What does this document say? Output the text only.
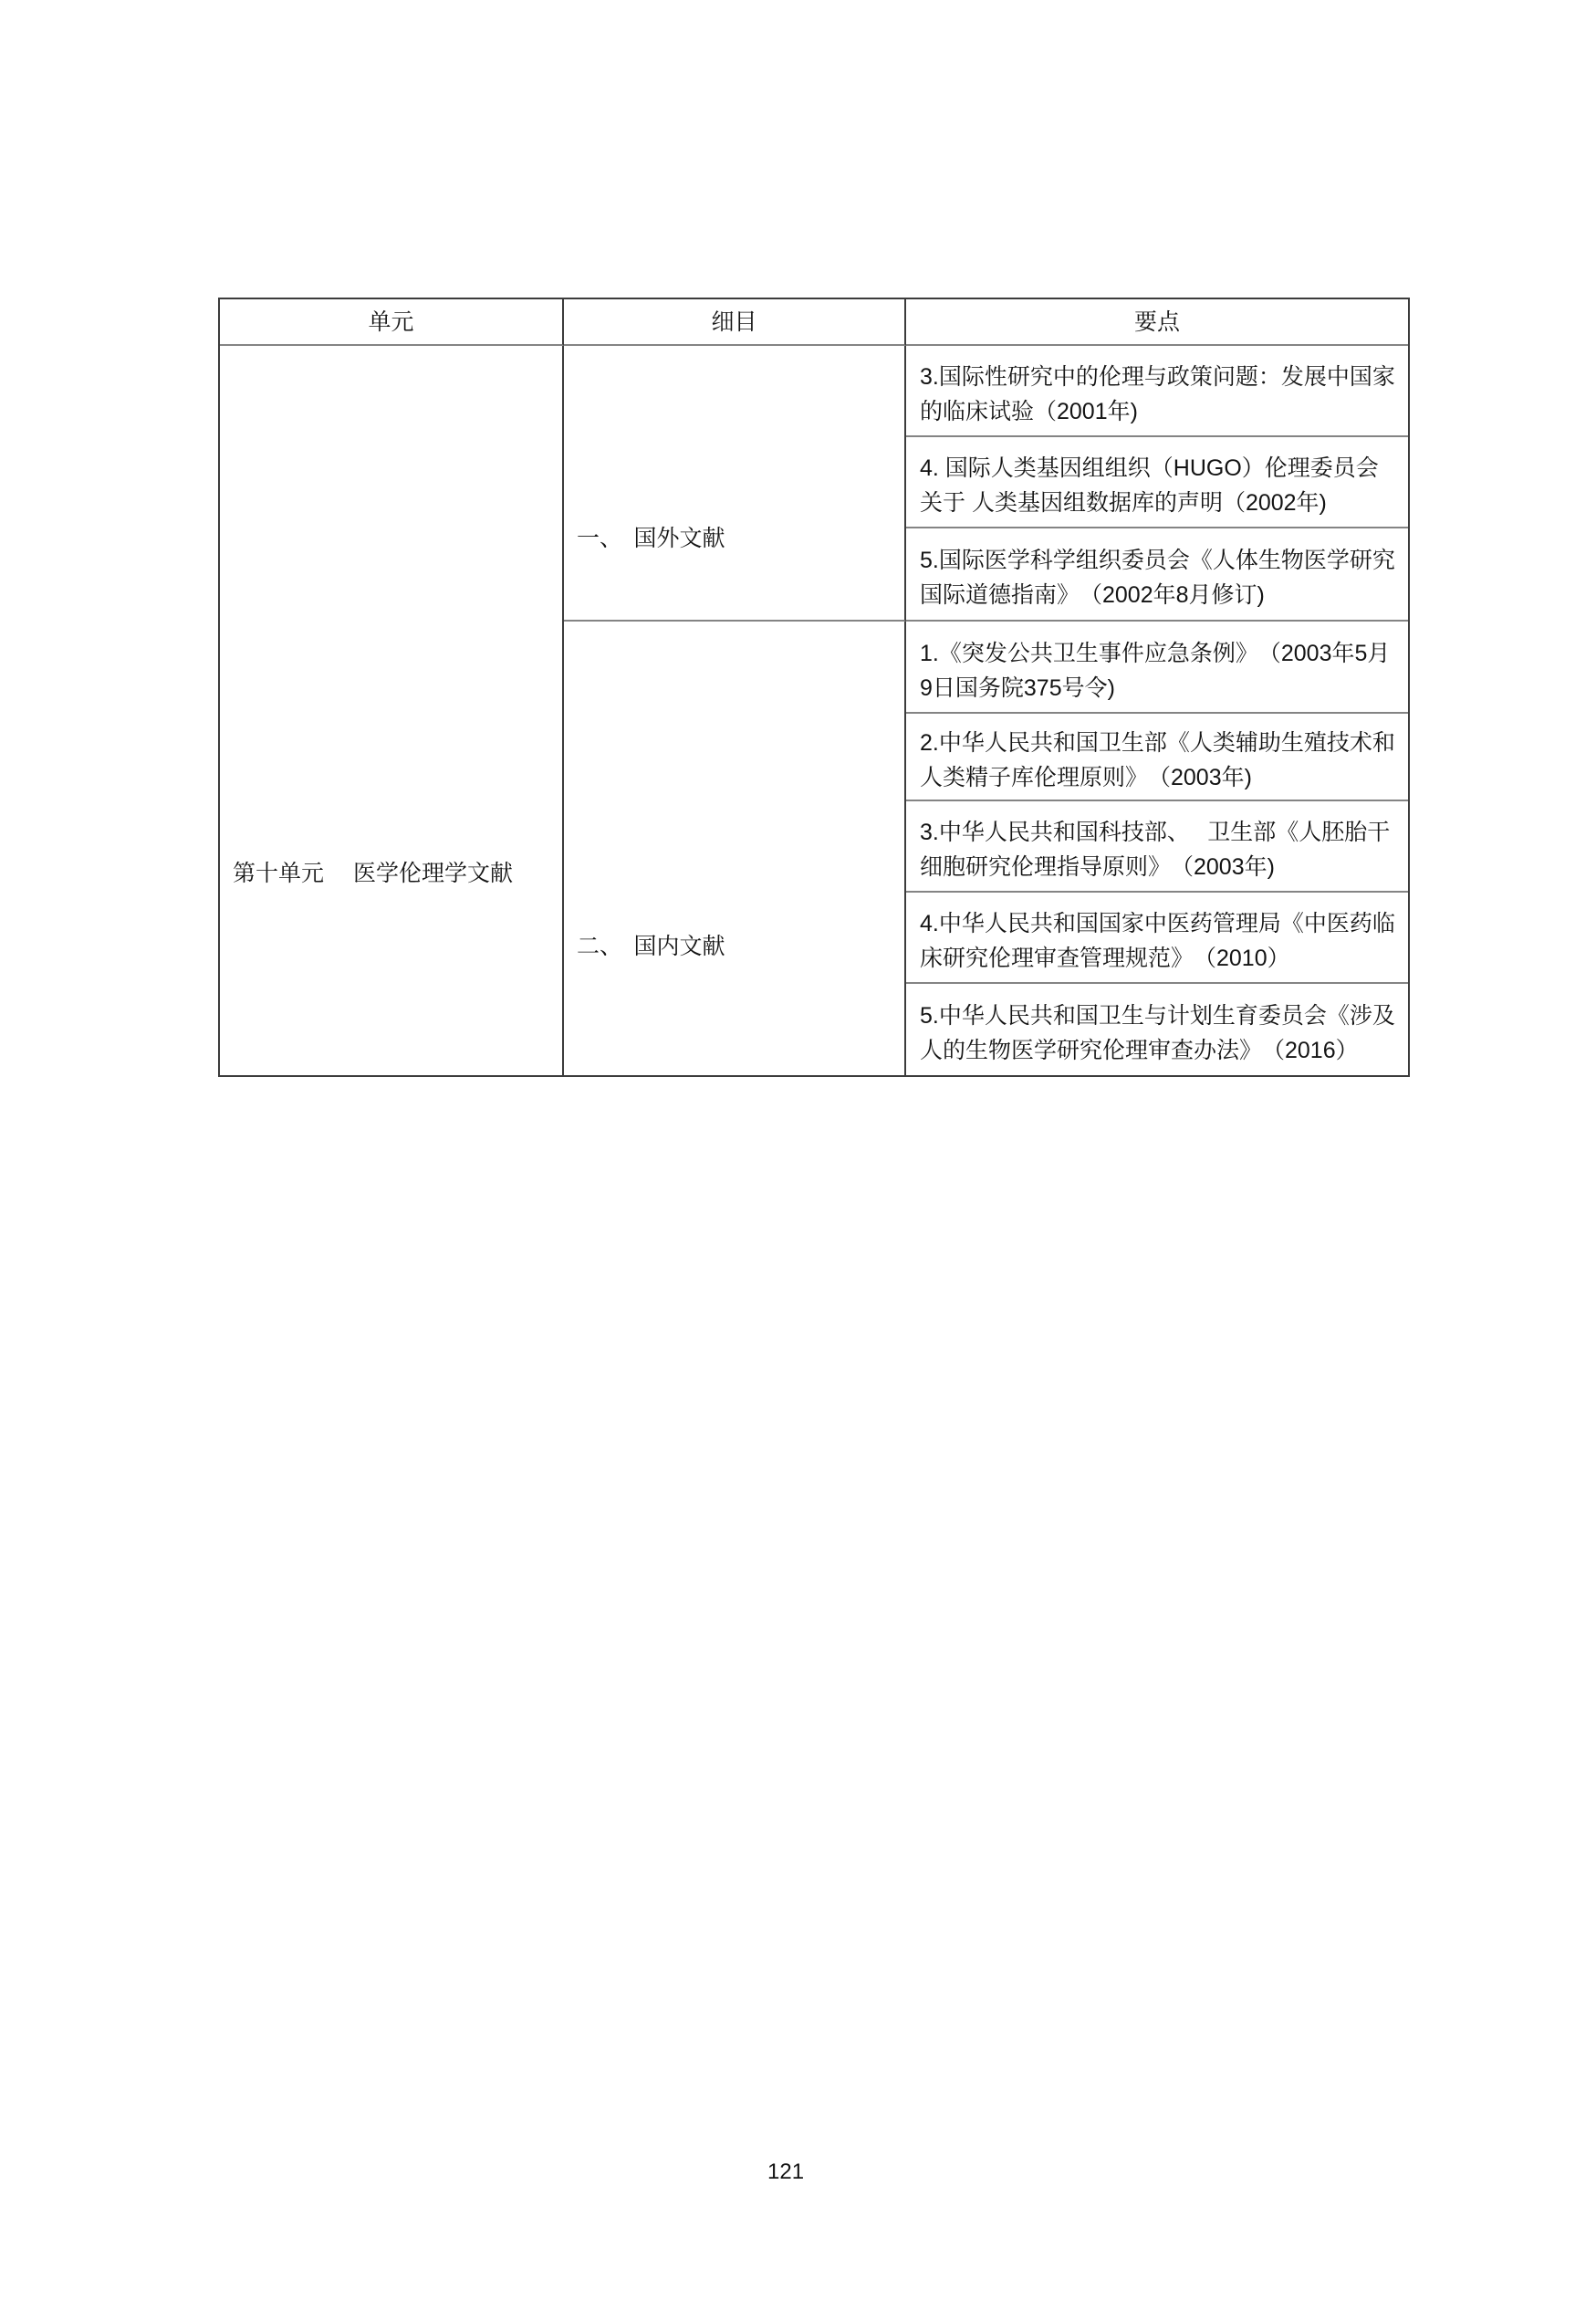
单元	细目	要点
第十单元　 医学伦理学文献
一、　国外文献
二、　国内文献
3.国际性研究中的伦理与政策问题：发展中国家的临床试验（2001年)
4. 国际人类基因组组织（HUGO）伦理委员会关于 人类基因组数据库的声明（2002年)
5.国际医学科学组织委员会《人体生物医学研究国际道德指南》　（2002年8月修订)
1.《突发公共卫生事件应急条例》　（2003年5月9日国务院375号令)
2.中华人民共和国卫生部《人类辅助生殖技术和人类精子库伦理原则》　（2003年)
3.中华人民共和国科技部、　 卫生部《人胚胎干细胞研究伦理指导原则》　（2003年)
4.中华人民共和国国家中医药管理局《中医药临床研究伦理审查管理规范》　（2010）
5.中华人民共和国卫生与计划生育委员会《涉及人的生物医学研究伦理审查办法》　（2016）
121
